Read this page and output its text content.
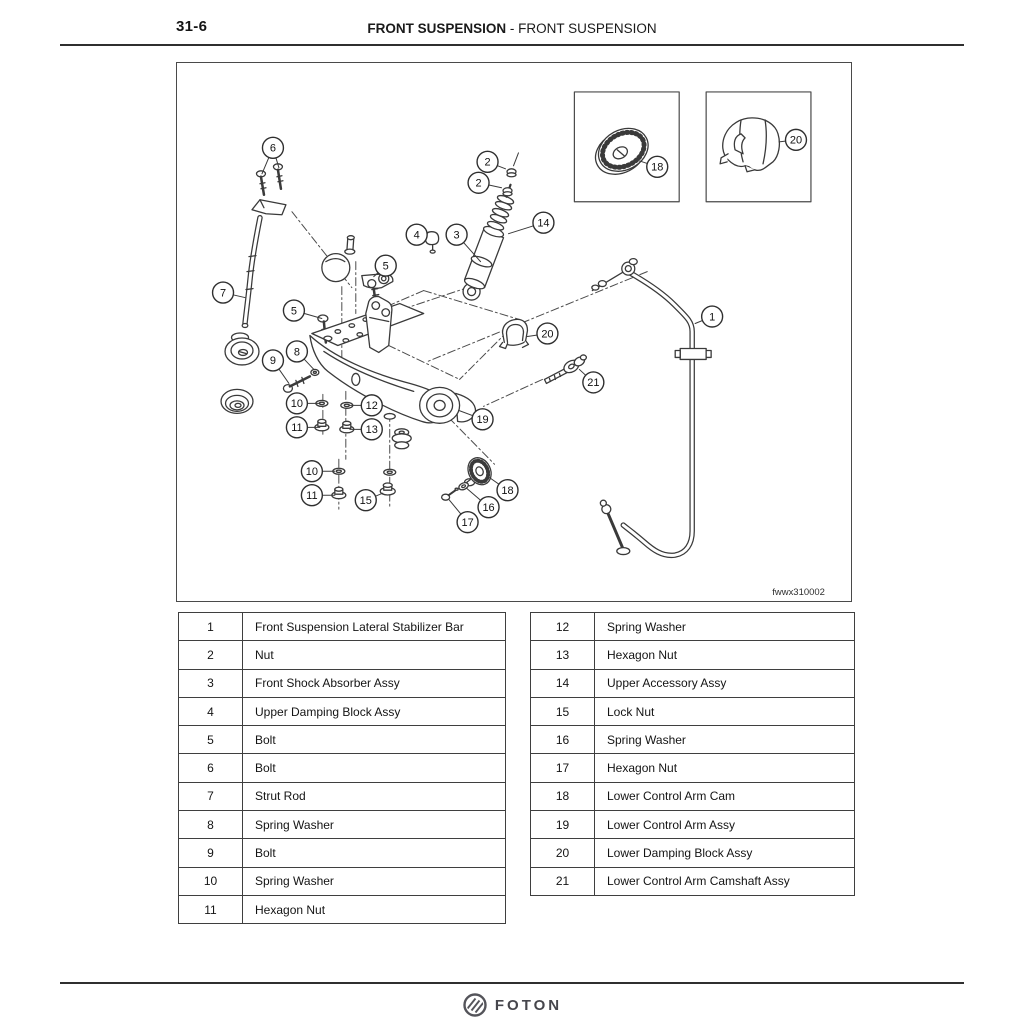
31-6	FRONT SUSPENSION - FRONT SUSPENSION
fwwx310002
6
2
2
14
4	3
18
20
5
7
5	1
20
8
9
21
10	12
11	13
19
10
11	15
18
16
17
1	Front Suspension Lateral Stabilizer Bar
2	Nut
3	Front Shock Absorber Assy
4	Upper Damping Block Assy
5	Bolt
6	Bolt
7	Strut Rod
8	Spring Washer
9	Bolt
10	Spring Washer
11	Hexagon Nut
12	Spring Washer
13	Hexagon Nut
14	Upper Accessory Assy
15	Lock Nut
16	Spring Washer
17	Hexagon Nut
18	Lower Control Arm Cam
19	Lower Control Arm Assy
20	Lower Damping Block Assy
21	Lower Control Arm Camshaft Assy
FOTON
